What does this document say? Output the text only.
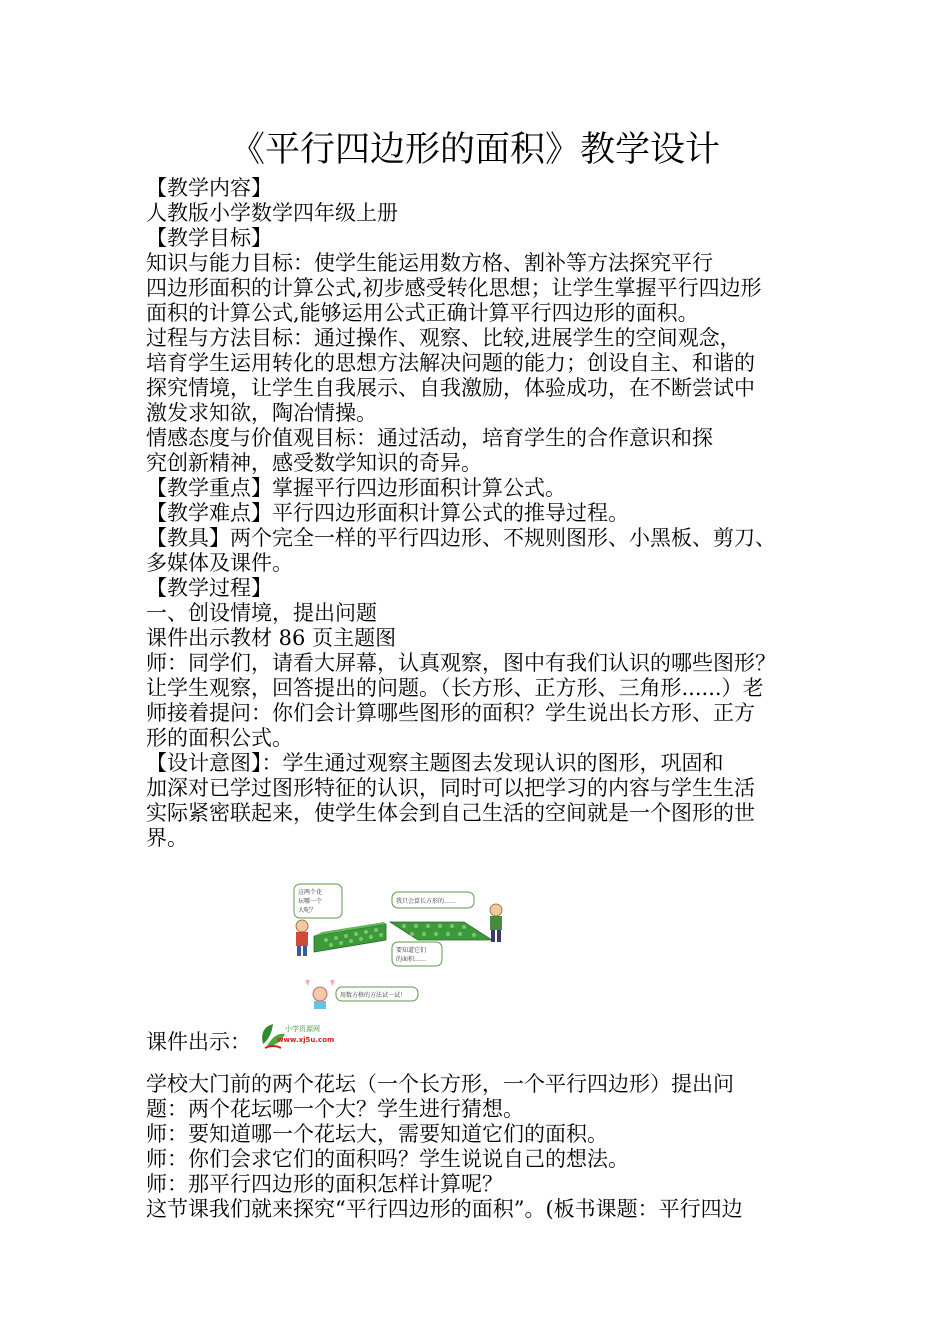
《平行四边形的面积》教学设计
【教学内容】
人教版小学数学四年级上册
【教学目标】
知识与能力目标：使学生能运用数方格、割补等方法探究平行
四边形面积的计算公式,初步感受转化思想；让学生掌握平行四边形
面积的计算公式,能够运用公式正确计算平行四边形的面积。
过程与方法目标：通过操作、观察、比较,进展学生的空间观念，
培育学生运用转化的思想方法解决问题的能力；创设自主、和谐的
探究情境，让学生自我展示、自我激励，体验成功，在不断尝试中
激发求知欲，陶冶情操。
情感态度与价值观目标：通过活动，培育学生的合作意识和探
究创新精神，感受数学知识的奇异。
【教学重点】掌握平行四边形面积计算公式。
【教学难点】平行四边形面积计算公式的推导过程。
【教具】两个完全一样的平行四边形、不规则图形、小黑板、剪刀、
多媒体及课件。
【教学过程】
一、创设情境，提出问题
课件出示教材 86 页主题图
师：同学们，请看大屏幕，认真观察，图中有我们认识的哪些图形？
让学生观察，回答提出的问题。（长方形、正方形、三角形......）老
师接着提问：你们会计算哪些图形的面积？学生说出长方形、正方
形的面积公式。
【设计意图】：学生通过观察主题图去发现认识的图形，巩固和
加深对已学过图形特征的认识，同时可以把学习的内容与学生生活
实际紧密联起来，使学生体会到自己生活的空间就是一个图形的世
界。
这两个花
坛哪一个
大呢？
我只会算长方形的……
要知道它们
的面积……
用数方格的方法试一试！
课件出示：
小学资源网
www.xj5u.com
学校大门前的两个花坛（一个长方形，一个平行四边形）提出问
题：两个花坛哪一个大？学生进行猜想。
师：要知道哪一个花坛大，需要知道它们的面积。
师：你们会求它们的面积吗？学生说说自己的想法。
师：那平行四边形的面积怎样计算呢？
这节课我们就来探究“平行四边形的面积”。(板书课题：平行四边
